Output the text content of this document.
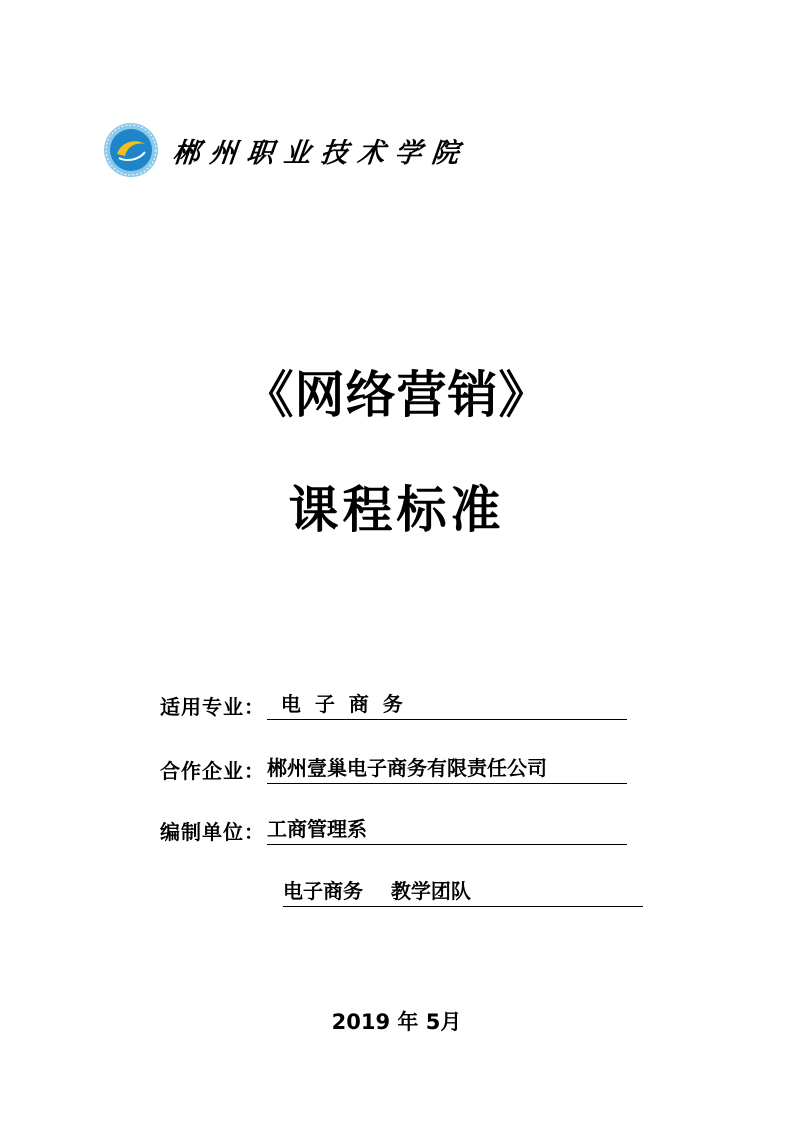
郴州职业技术学院
《网络营销》
课程标准
适用专业： 电  子  商  务
合作企业： 郴州壹巢电子商务有限责任公司
编制单位： 工商管理系
电子商务    教学团队
2019 年 5月
